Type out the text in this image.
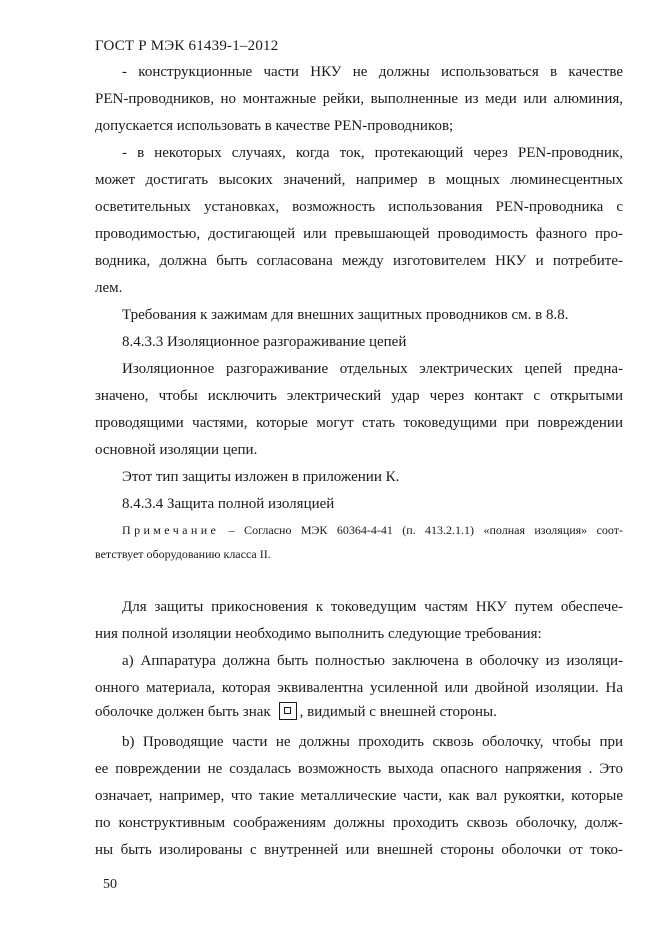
ГОСТ Р МЭК 61439-1–2012
- конструкционные части НКУ не должны использоваться в качестве
PEN-проводников, но монтажные рейки, выполненные из меди или алюминия,
допускается использовать в качестве PEN-проводников;
- в некоторых случаях, когда ток, протекающий через PEN-проводник,
может достигать высоких значений, например в мощных люминесцентных
осветительных установках, возможность использования PEN-проводника с
проводимостью, достигающей или превышающей проводимость фазного про-
водника, должна быть согласована между изготовителем НКУ и потребите-
лем.
Требования к зажимам для внешних защитных проводников см. в 8.8.
8.4.3.3 Изоляционное разгораживание цепей
Изоляционное разгораживание отдельных электрических цепей предна-
значено, чтобы исключить электрический удар через контакт с открытыми
проводящими частями, которые могут стать токоведущими при повреждении
основной изоляции цепи.
Этот тип защиты изложен в приложении К.
8.4.3.4 Защита полной изоляцией
Примечание – Согласно МЭК 60364-4-41 (п. 413.2.1.1) «полная изоляция» соот-
ветствует оборудованию класса II.
Для защиты прикосновения к токоведущим частям НКУ путем обеспече-
ния полной изоляции необходимо выполнить следующие требования:
a) Аппаратура должна быть полностью заключена в оболочку из изоляци-
онного материала, которая эквивалентна усиленной или двойной изоляции. На
оболочке должен быть знак , видимый с внешней стороны.
b) Проводящие части не должны проходить сквозь оболочку, чтобы при
ее повреждении не создалась возможность выхода опасного напряжения . Это
означает, например, что такие металлические части, как вал рукоятки, которые
по конструктивным соображениям должны проходить сквозь оболочку, долж-
ны быть изолированы с внутренней или внешней стороны оболочки от токо-
50
